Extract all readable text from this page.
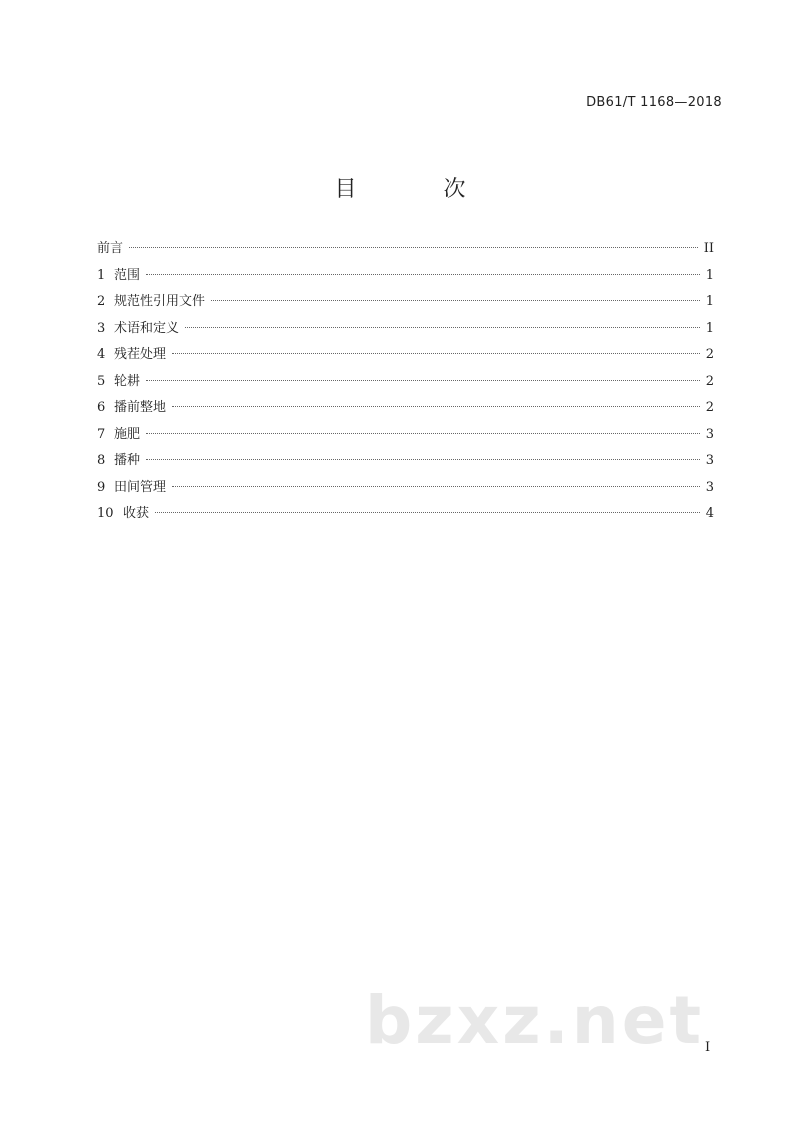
DB61/T 1168—2018
目 次
前言	II
1 范围	1
2 规范性引用文件	1
3 术语和定义	1
4 残茬处理	2
5 轮耕	2
6 播前整地	2
7 施肥	3
8 播种	3
9 田间管理	3
10 收获	4
bzxz.net I
